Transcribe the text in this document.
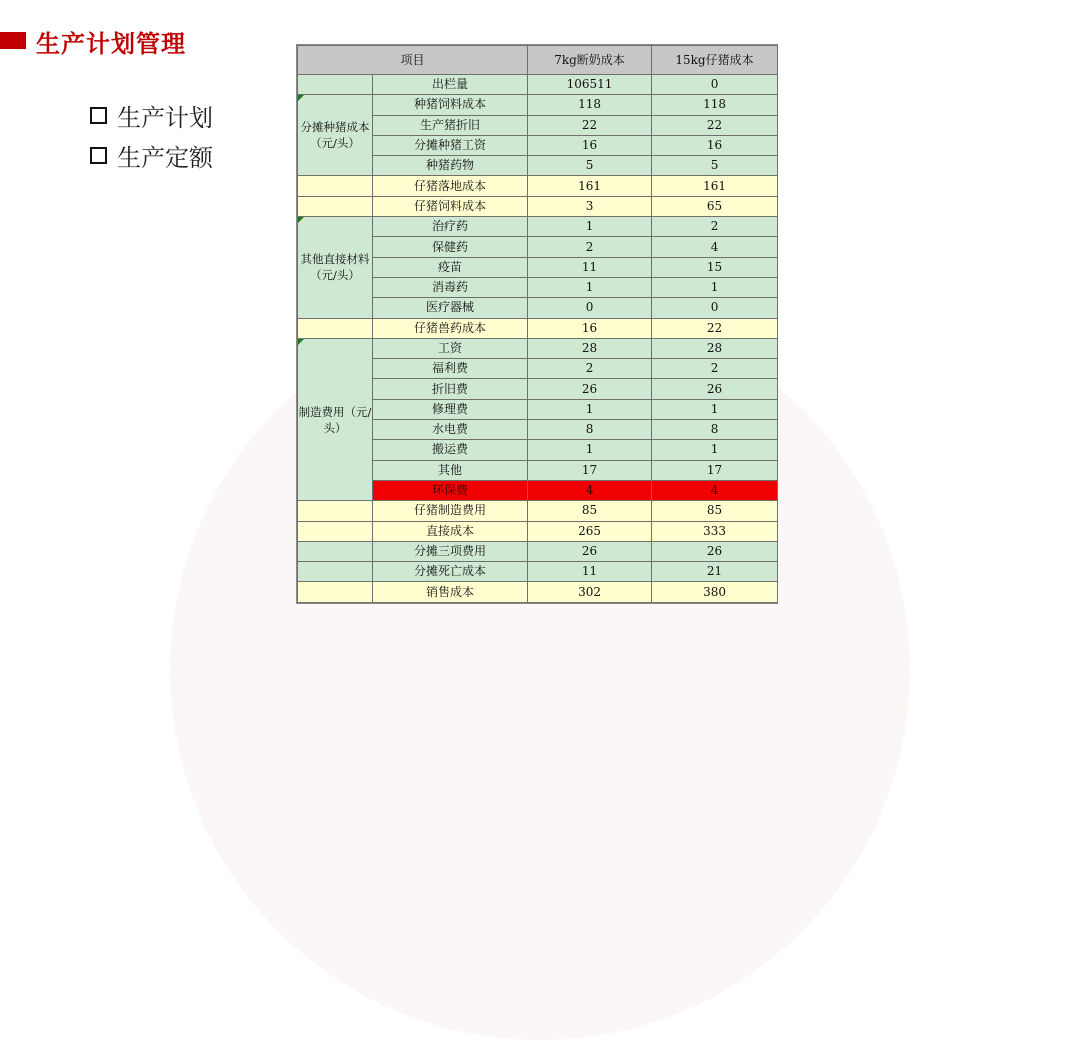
生产计划管理
生产计划
生产定额
项目		7kg断奶成本	15kg仔猪成本
	出栏量	106511	0
分摊种猪成本（元/头）	种猪饲料成本	118	118
	生产猪折旧	22	22
	分摊种猪工资	16	16
	种猪药物	5	5
	仔猪落地成本	161	161
	仔猪饲料成本	3	65
其他直接材料（元/头）	治疗药	1	2
	保健药	2	4
	疫苗	11	15
	消毒药	1	1
	医疗器械	0	0
	仔猪兽药成本	16	22
制造费用（元/头）	工资	28	28
	福利费	2	2
	折旧费	26	26
	修理费	1	1
	水电费	8	8
	搬运费	1	1
	其他	17	17
	环保费	4	4
	仔猪制造费用	85	85
	直接成本	265	333
	分摊三项费用	26	26
	分摊死亡成本	11	21
	销售成本	302	380
